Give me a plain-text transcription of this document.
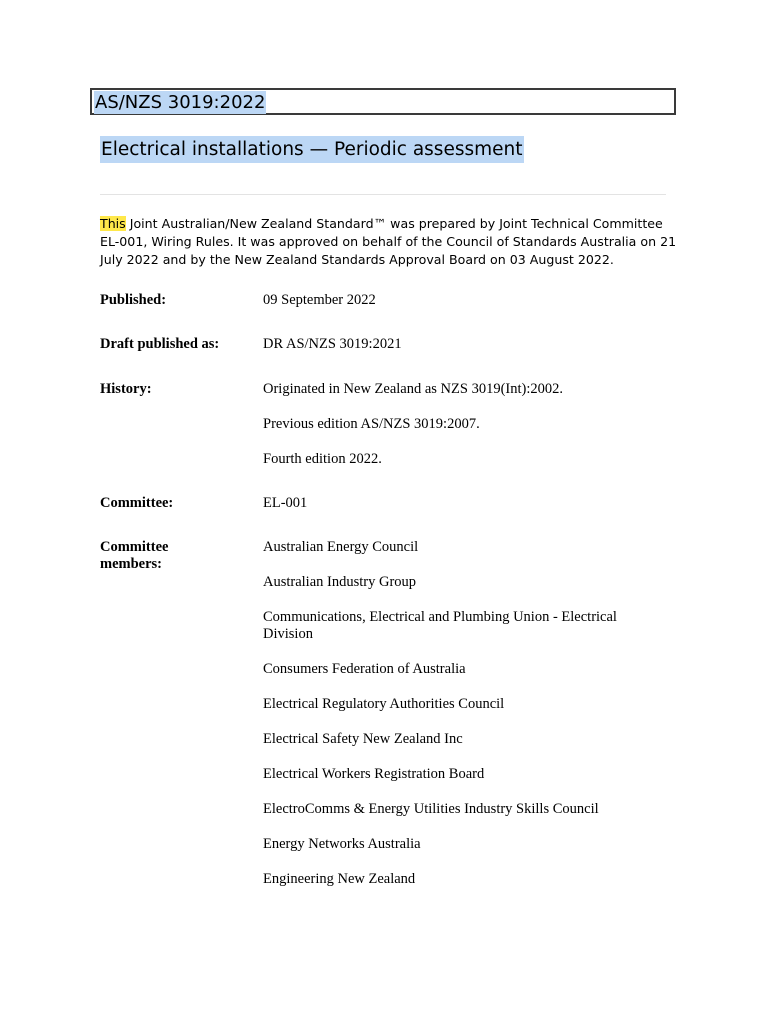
AS/NZS 3019:2022
Electrical installations — Periodic assessment

This Joint Australian/New Zealand Standard™ was prepared by Joint Technical Committee EL-001, Wiring Rules. It was approved on behalf of the Council of Standards Australia on 21 July 2022 and by the New Zealand Standards Approval Board on 03 August 2022.

Published:	09 September 2022
Draft published as:	DR AS/NZS 3019:2021
History:	Originated in New Zealand as NZS 3019(Int):2002.
Previous edition AS/NZS 3019:2007.
Fourth edition 2022.
Committee:	EL-001
Committee members:
Australian Energy Council
Australian Industry Group
Communications, Electrical and Plumbing Union - Electrical Division
Consumers Federation of Australia
Electrical Regulatory Authorities Council
Electrical Safety New Zealand Inc
Electrical Workers Registration Board
ElectroComms & Energy Utilities Industry Skills Council
Energy Networks Australia
Engineering New Zealand
